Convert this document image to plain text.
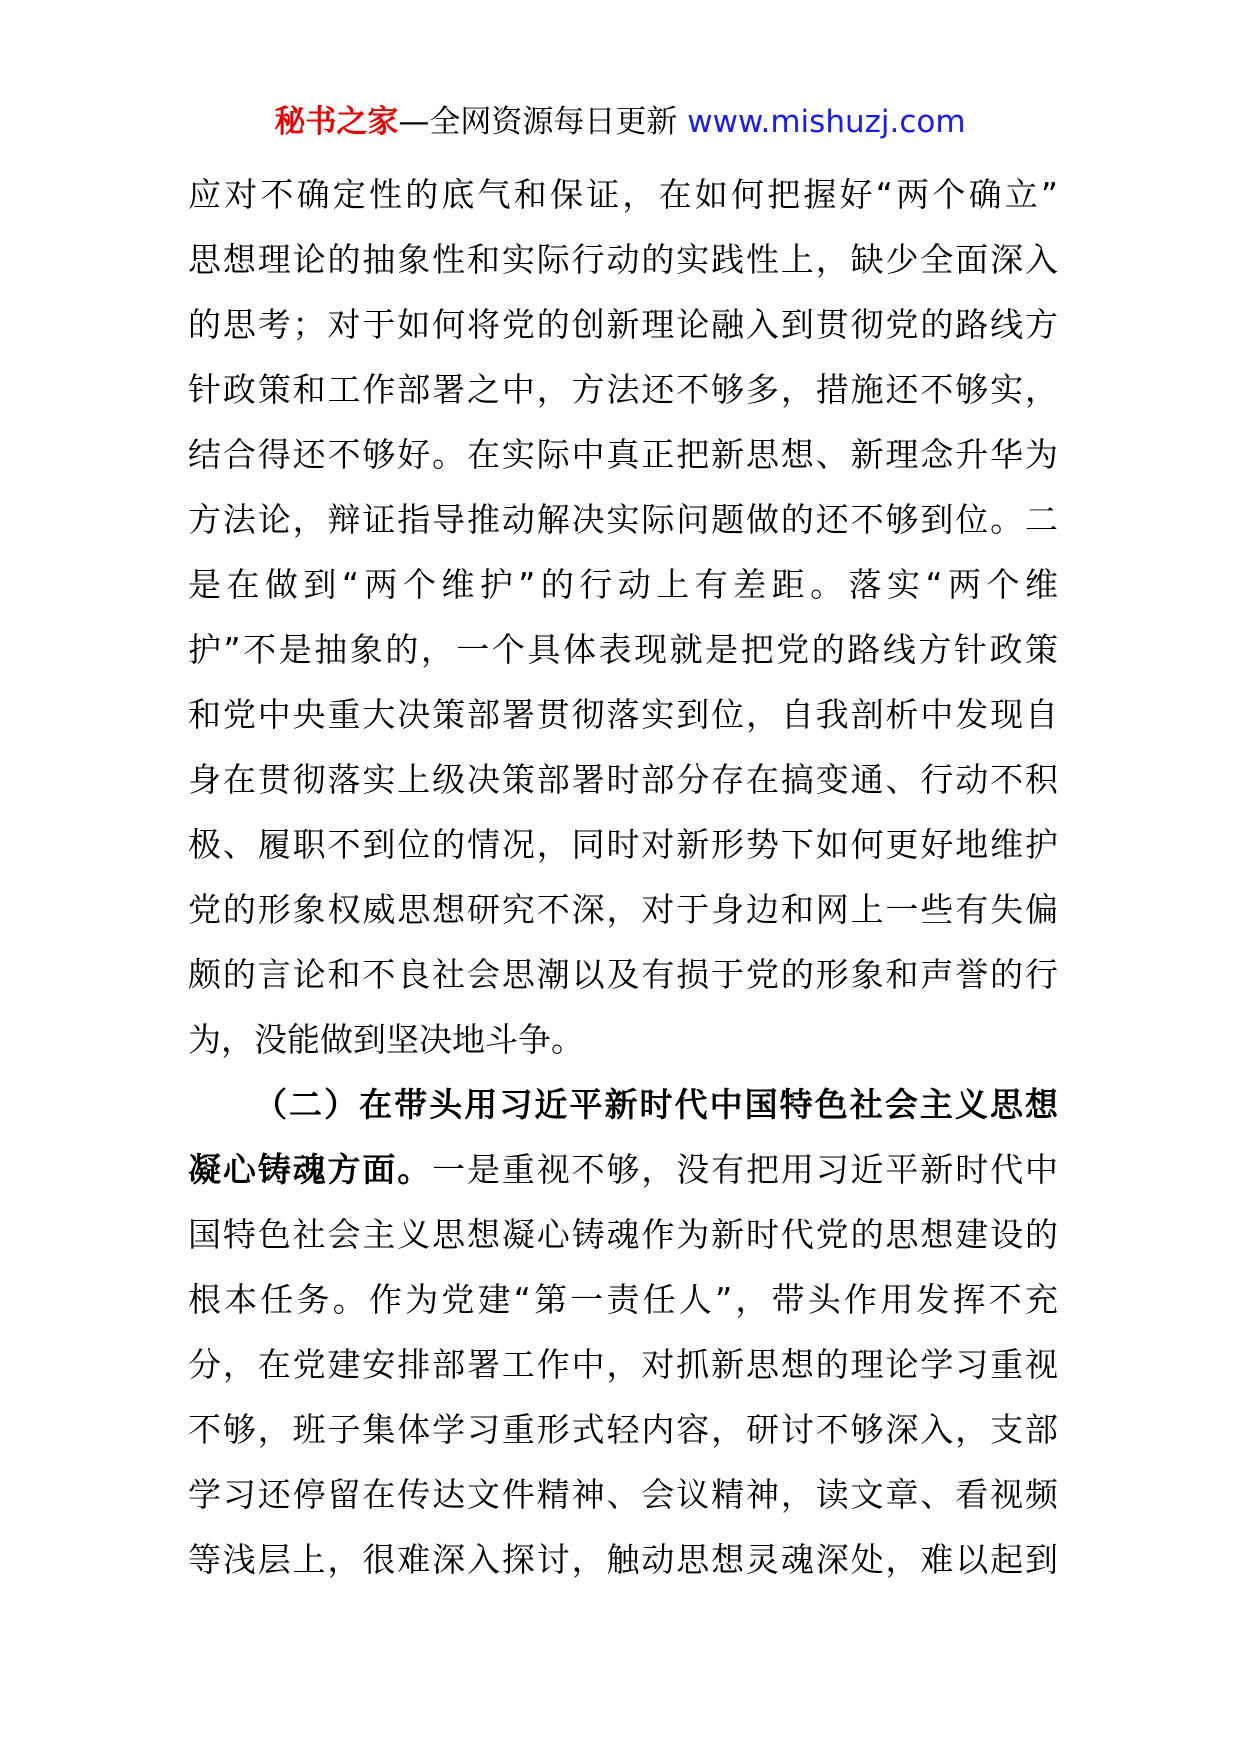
秘书之家—全网资源每日更新 www.mishuzj.com
应对不确定性的底气和保证，在如何把握好“两个确立”
思想理论的抽象性和实际行动的实践性上，缺少全面深入
的思考；对于如何将党的创新理论融入到贯彻党的路线方
针政策和工作部署之中，方法还不够多，措施还不够实，
结合得还不够好。在实际中真正把新思想、新理念升华为
方法论，辩证指导推动解决实际问题做的还不够到位。二
是在做到“两个维护”的行动上有差距。落实“两个维
护”不是抽象的，一个具体表现就是把党的路线方针政策
和党中央重大决策部署贯彻落实到位，自我剖析中发现自
身在贯彻落实上级决策部署时部分存在搞变通、行动不积
极、履职不到位的情况，同时对新形势下如何更好地维护
党的形象权威思想研究不深，对于身边和网上一些有失偏
颇的言论和不良社会思潮以及有损于党的形象和声誉的行
为，没能做到坚决地斗争。
（二）在带头用习近平新时代中国特色社会主义思想
凝心铸魂方面。一是重视不够，没有把用习近平新时代中
国特色社会主义思想凝心铸魂作为新时代党的思想建设的
根本任务。作为党建“第一责任人”，带头作用发挥不充
分，在党建安排部署工作中，对抓新思想的理论学习重视
不够，班子集体学习重形式轻内容，研讨不够深入，支部
学习还停留在传达文件精神、会议精神，读文章、看视频
等浅层上，很难深入探讨，触动思想灵魂深处，难以起到
